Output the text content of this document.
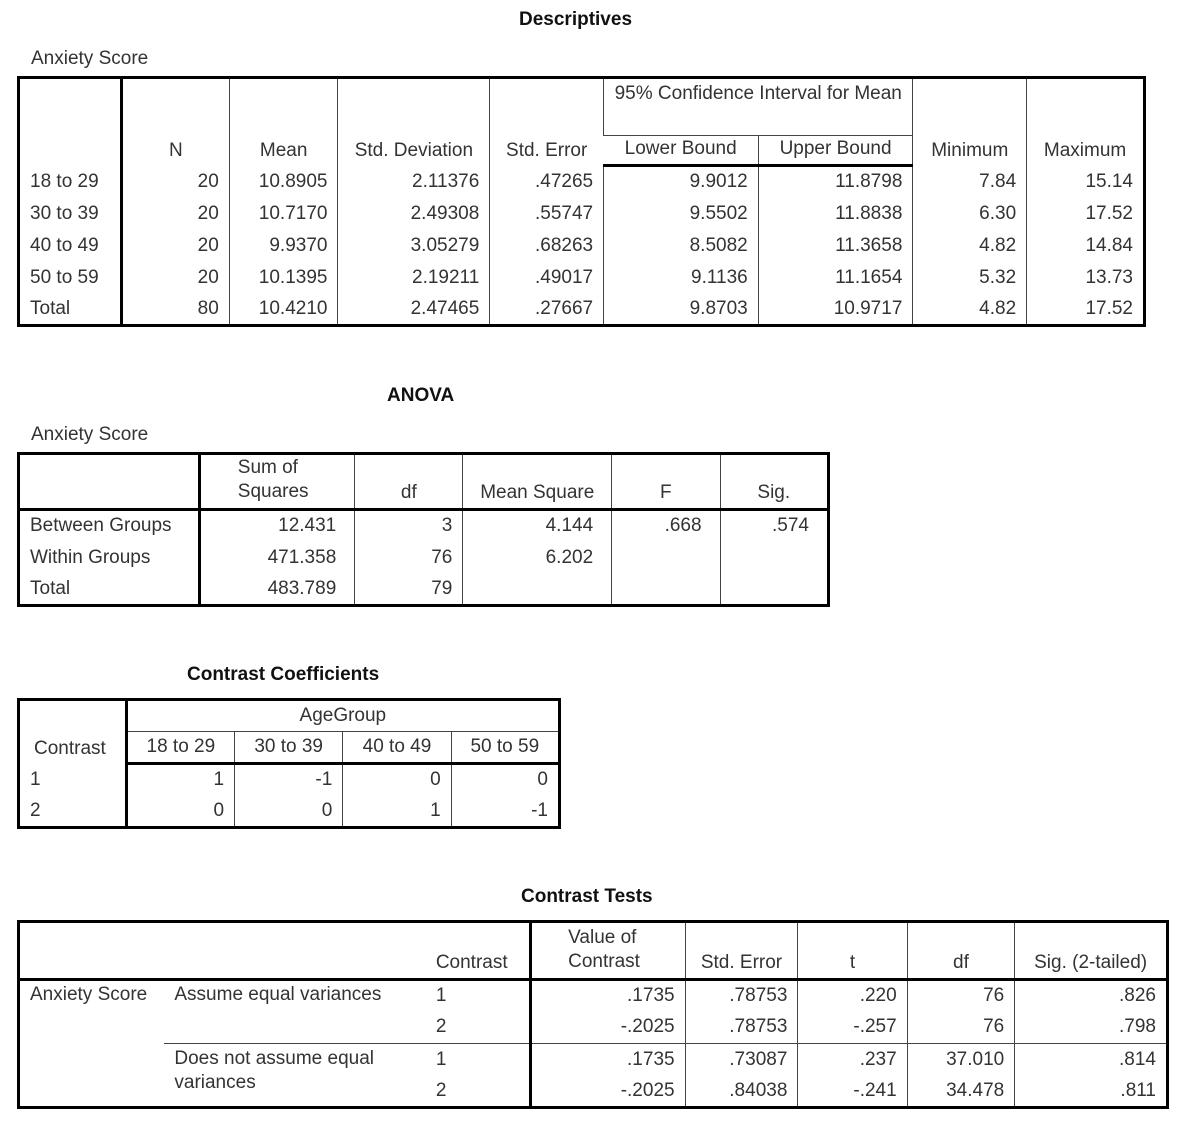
Descriptives
Anxiety Score
	N	Mean	Std. Deviation	Std. Error	95% Confidence Interval for Mean		Minimum	Maximum
					Lower Bound	Upper Bound		
18 to 29	20	10.8905	2.11376	.47265	9.9012	11.8798	7.84	15.14
30 to 39	20	10.7170	2.49308	.55747	9.5502	11.8838	6.30	17.52
40 to 49	20	9.9370	3.05279	.68263	8.5082	11.3658	4.82	14.84
50 to 59	20	10.1395	2.19211	.49017	9.1136	11.1654	5.32	13.73
Total	80	10.4210	2.47465	.27667	9.8703	10.9717	4.82	17.52
ANOVA
Anxiety Score
	Sum of Squares	df	Mean Square	F	Sig.
Between Groups	12.431	3	4.144	.668	.574
Within Groups	471.358	76	6.202		
Total	483.789	79			
Contrast Coefficients
Contrast	AgeGroup			
	18 to 29	30 to 39	40 to 49	50 to 59
1	1	-1	0	0
2	0	0	1	-1
Contrast Tests
		Contrast	Value of Contrast	Std. Error	t	df	Sig. (2-tailed)
Anxiety Score	Assume equal variances	1	.1735	.78753	.220	76	.826
		2	-.2025	.78753	-.257	76	.798
	Does not assume equal variances	1	.1735	.73087	.237	37.010	.814
		2	-.2025	.84038	-.241	34.478	.811
